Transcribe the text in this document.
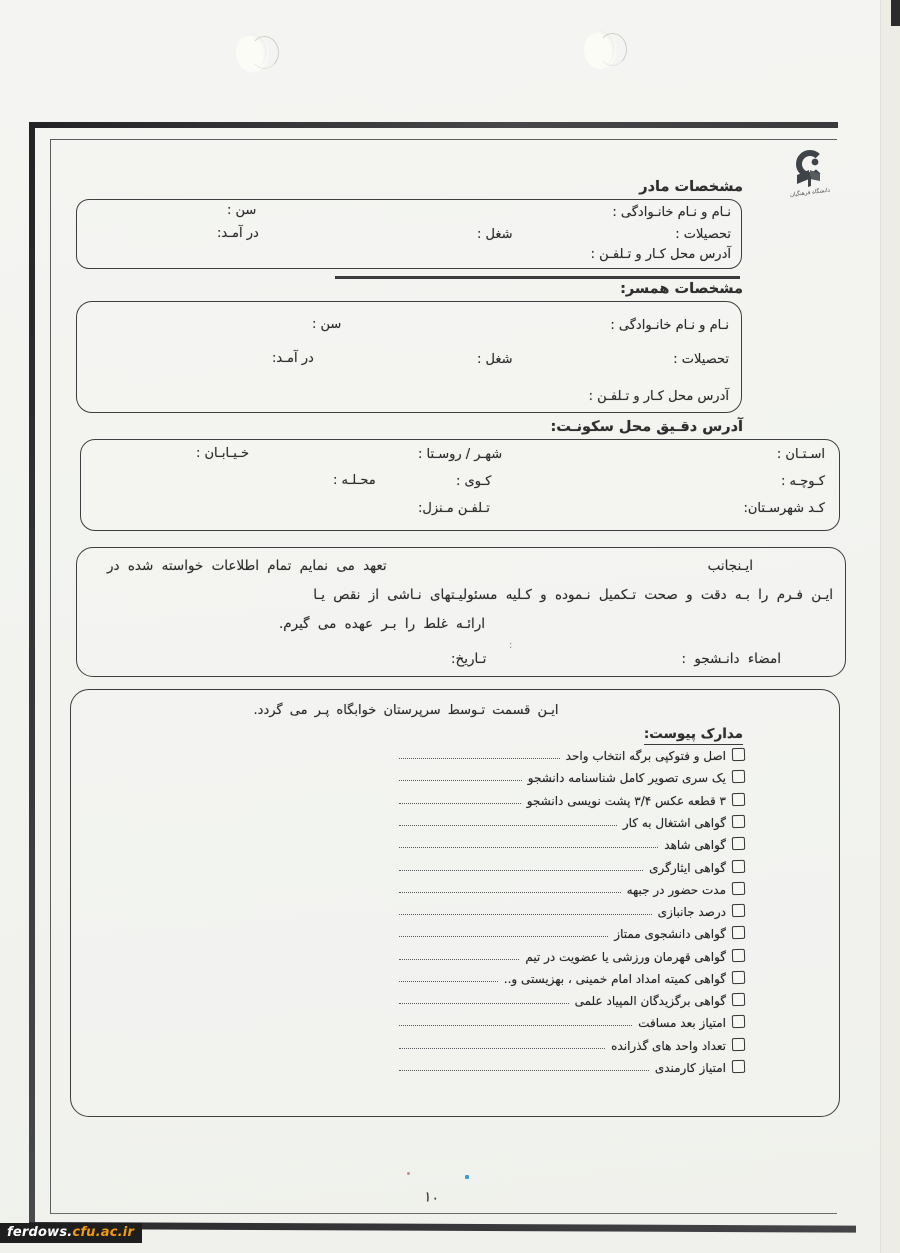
دانشگاه فرهنگیان
مشخصات مادر
نـام و نـام خانـوادگی :
سن :
تحصیلات :
شغل :
در آمـد:
آدرس محل کـار و تـلفـن :
مشخصات همسر:
نـام و نـام خانـوادگی :
سن :
تحصیلات :
شغل :
در آمـد:
آدرس محل کـار و تـلفـن :
آدرس دقـیق محل سکونـت:
اسـتـان :
شهـر / روسـتا :
خـیـابـان :
کـوچـه :
کـوی :
محـلـه :
کـد شهرسـتان:
تـلفـن مـنزل:
ایـنجانب
تعهد می نمایم تمام اطلاعات خواسته شده در
ایـن فـرم را بـه دقت و صحت تـکمیل نـموده و کـلیه مسئولیـتهای نـاشی از نقص یـا
ارائـه غلط را بـر عهده می گیرم.
:
امضاء دانـشجو :
تـاریخ:
ایـن قسمت تـوسط سرپرستان خوابگاه پـر می گردد.
مدارک پیوست:
اصل و فتوکپی برگه انتخاب واحد
یک سری تصویر کامل شناسنامه دانشجو
۳ قطعه عکس ۳/۴ پشت نویسی دانشجو
گواهی اشتغال به کار
گواهی شاهد
گواهی ایثارگری
مدت حضور در جبهه
درصد جانبازی
گواهی دانشجوی ممتاز
گواهی قهرمان ورزشی یا عضویت در تیم
گواهی کمیته امداد امام خمینی ، بهزیستی و..
گواهی برگزیدگان المپیاد علمی
امتیاز بعد مسافت
تعداد واحد های گذرانده
امتیاز کارمندی
۱۰
ferdows.cfu.ac.ir
